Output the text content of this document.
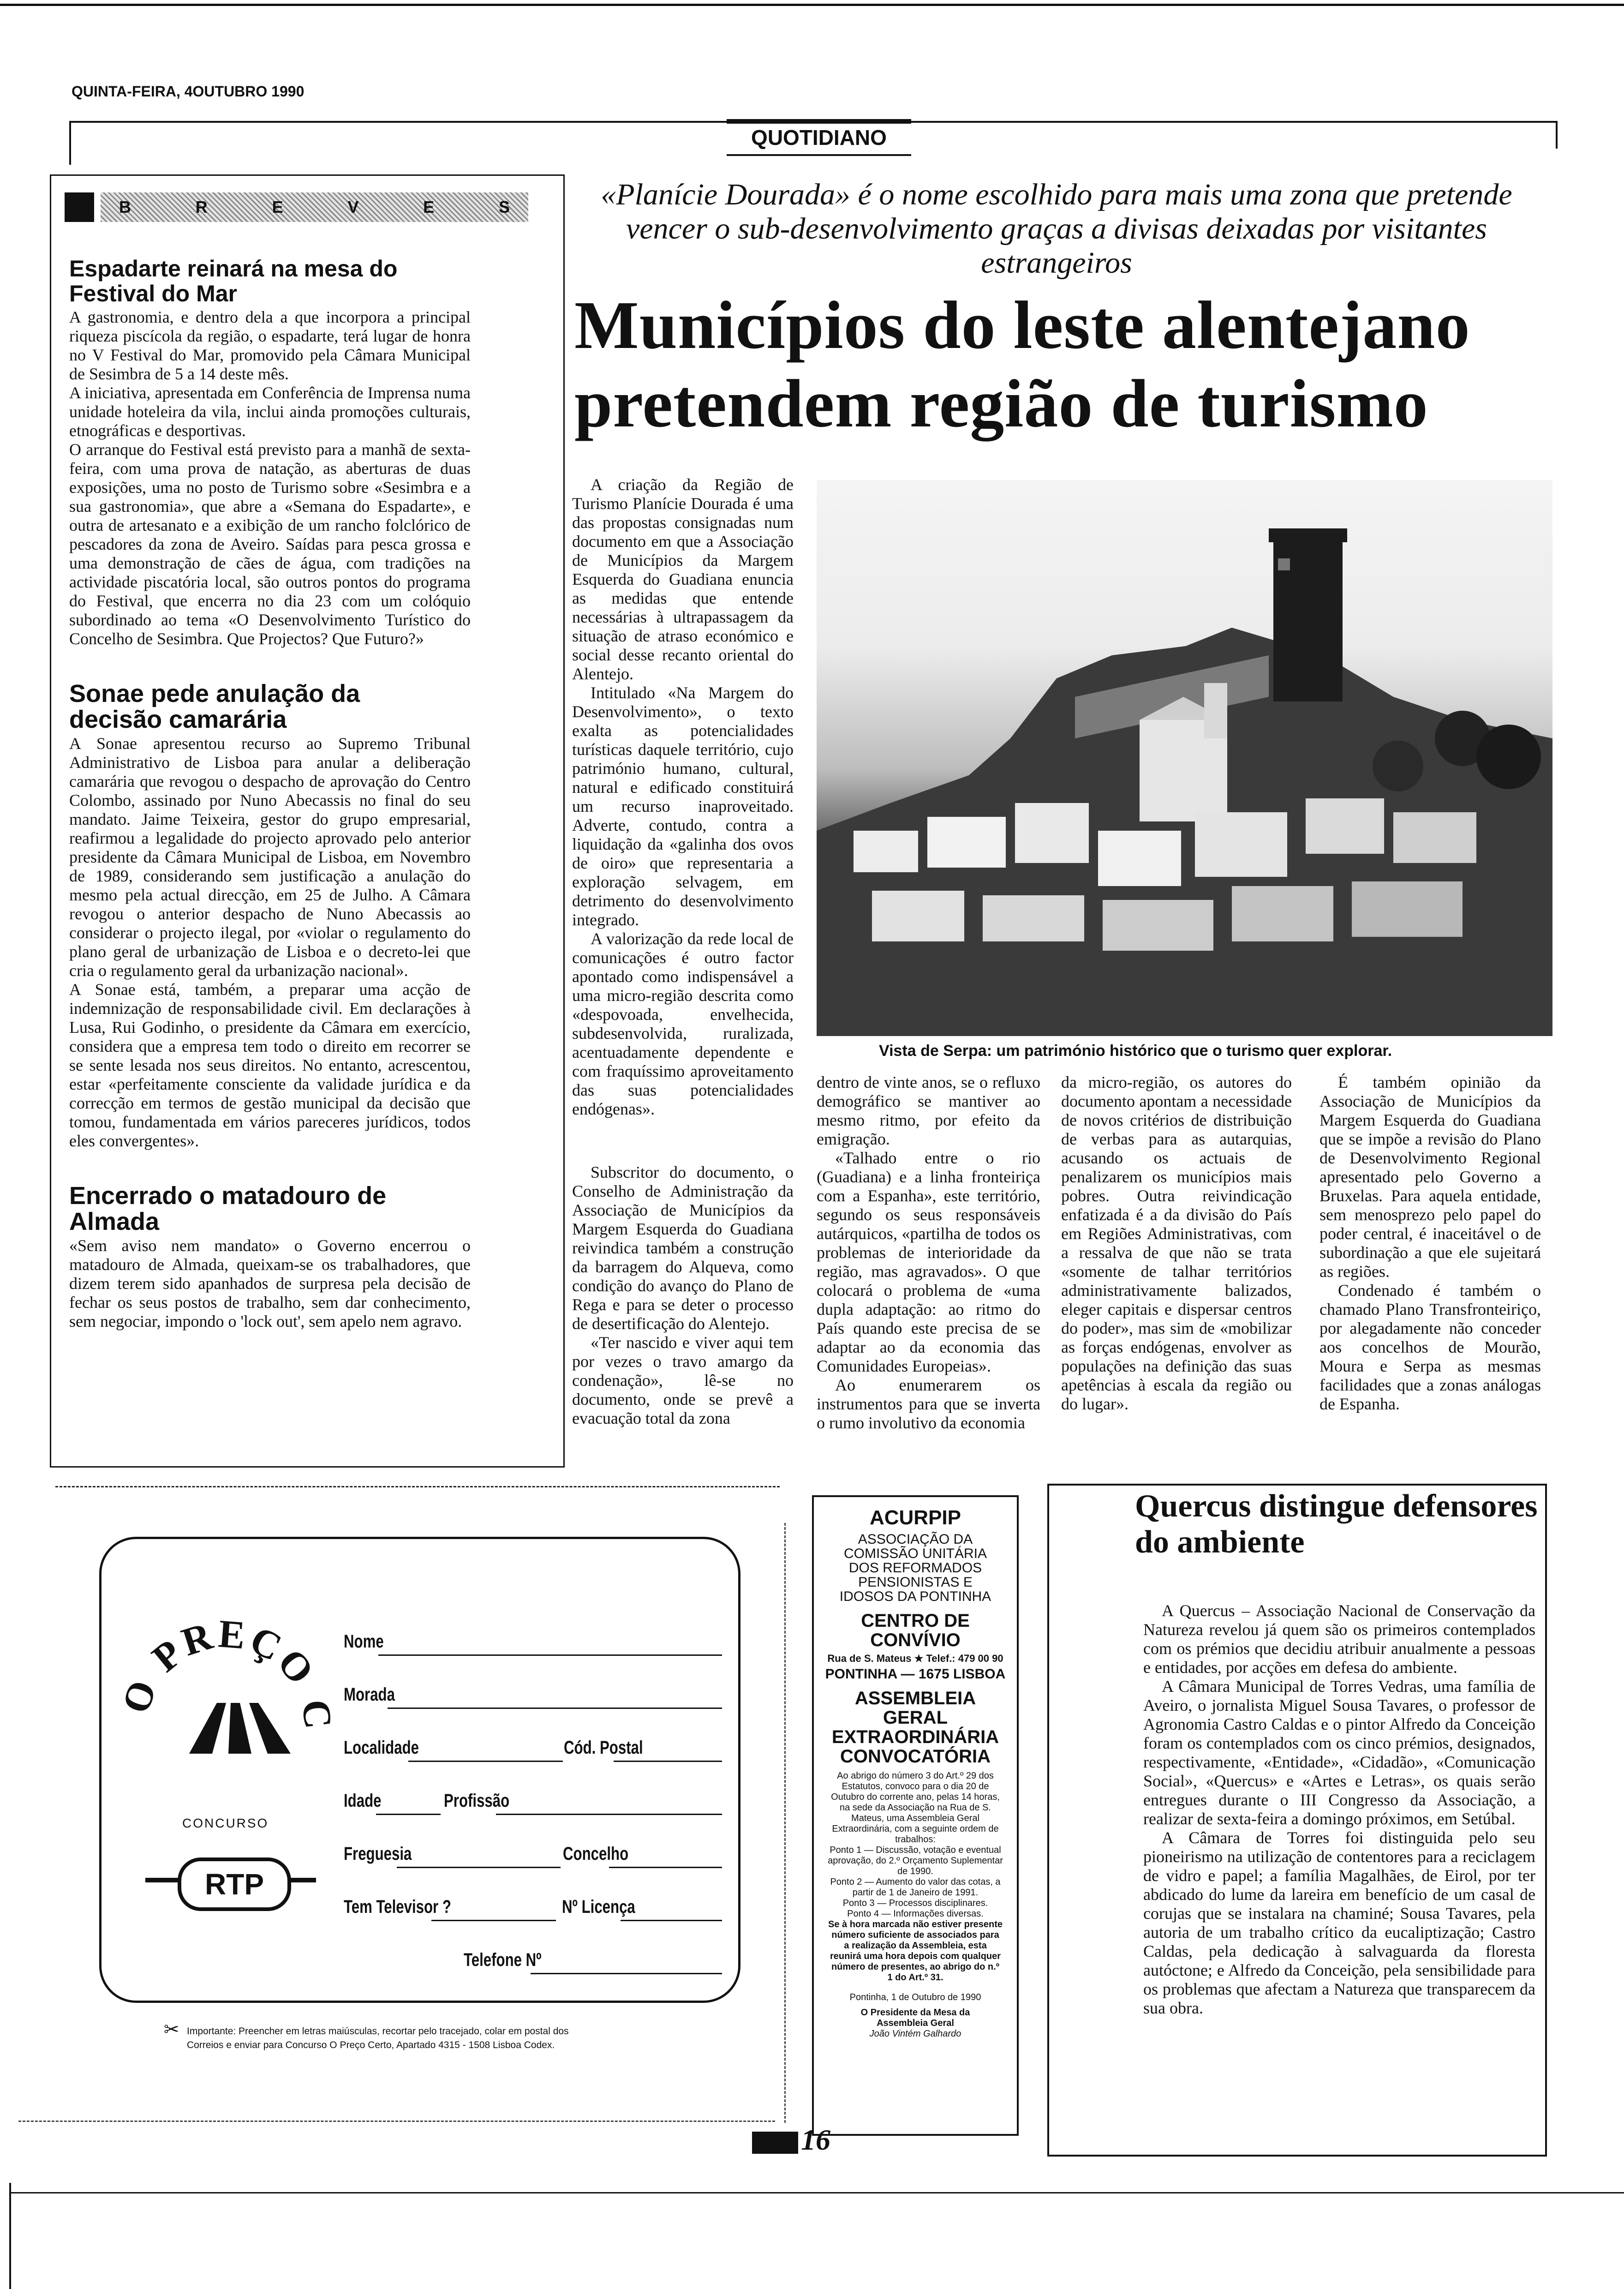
QUINTA-FEIRA, 4OUTUBRO 1990
QUOTIDIANO
B	R	E	V	E	S
Espadarte reinará na mesa do Festival do Mar

A gastronomia, e dentro dela a que incorpora a principal riqueza piscícola da região, o espadarte, terá lugar de honra no V Festival do Mar, promovido pela Câmara Municipal de Sesimbra de 5 a 14 deste mês.

A iniciativa, apresentada em Conferência de Imprensa numa unidade hoteleira da vila, inclui ainda promoções culturais, etnográficas e desportivas.

O arranque do Festival está previsto para a manhã de sexta-feira, com uma prova de natação, as aberturas de duas exposições, uma no posto de Turismo sobre «Sesimbra e a sua gastronomia», que abre a «Semana do Espadarte», e outra de artesanato e a exibição de um rancho folclórico de pescadores da zona de Aveiro. Saídas para pesca grossa e uma demonstração de cães de água, com tradições na actividade piscatória local, são outros pontos do programa do Festival, que encerra no dia 23 com um colóquio subordinado ao tema «O Desenvolvimento Turístico do Concelho de Sesimbra. Que Projectos? Que Futuro?»

Sonae pede anulação da decisão camarária

A Sonae apresentou recurso ao Supremo Tribunal Administrativo de Lisboa para anular a deliberação camarária que revogou o despacho de aprovação do Centro Colombo, assinado por Nuno Abecassis no final do seu mandato. Jaime Teixeira, gestor do grupo empresarial, reafirmou a legalidade do projecto aprovado pelo anterior presidente da Câmara Municipal de Lisboa, em Novembro de 1989, considerando sem justificação a anulação do mesmo pela actual direcção, em 25 de Julho. A Câmara revogou o anterior despacho de Nuno Abecassis ao considerar o projecto ilegal, por «violar o regulamento do plano geral de urbanização de Lisboa e o decreto-lei que cria o regulamento geral da urbanização nacional».

A Sonae está, também, a preparar uma acção de indemnização de responsabilidade civil. Em declarações à Lusa, Rui Godinho, o presidente da Câmara em exercício, considera que a empresa tem todo o direito em recorrer se se sente lesada nos seus direitos. No entanto, acrescentou, estar «perfeitamente consciente da validade jurídica e da correcção em termos de gestão municipal da decisão que tomou, fundamentada em vários pareceres jurídicos, todos eles convergentes».

Encerrado o matadouro de Almada

«Sem aviso nem mandato» o Governo encerrou o matadouro de Almada, queixam-se os trabalhadores, que dizem terem sido apanhados de surpresa pela decisão de fechar os seus postos de trabalho, sem dar conhecimento, sem negociar, impondo o 'lock out', sem apelo nem agravo.

«Planície Dourada» é o nome escolhido para mais uma zona que pretende vencer o sub-desenvolvimento graças a divisas deixadas por visitantes estrangeiros
Municípios do leste alentejano
pretendem região de turismo

A criação da Região de Turismo Planície Dourada é uma das propostas consignadas num documento em que a Associação de Municípios da Margem Esquerda do Guadiana enuncia as medidas que entende necessárias à ultrapassagem da situação de atraso económico e social desse recanto oriental do Alentejo.

Intitulado «Na Margem do Desenvolvimento», o texto exalta as potencialidades turísticas daquele território, cujo património humano, cultural, natural e edificado constituirá um recurso inaproveitado. Adverte, contudo, contra a liquidação da «galinha dos ovos de oiro» que representaria a exploração selvagem, em detrimento do desenvolvimento integrado.

A valorização da rede local de comunicações é outro factor apontado como indispensável a uma micro-região descrita como «despovoada, envelhecida, subdesenvolvida, ruralizada, acentuadamente dependente e com fraquíssimo aproveitamento das suas potencialidades endógenas».

Subscritor do documento, o Conselho de Administração da Associação de Municípios da Margem Esquerda do Guadiana reivindica também a construção da barragem do Alqueva, como condição do avanço do Plano de Rega e para se deter o processo de desertificação do Alentejo.

«Ter nascido e viver aqui tem por vezes o travo amargo da condenação», lê-se no documento, onde se prevê a evacuação total da zona

Vista de Serpa: um património histórico que o turismo quer explorar.

dentro de vinte anos, se o refluxo demográfico se mantiver ao mesmo ritmo, por efeito da emigração.

«Talhado entre o rio (Guadiana) e a linha fronteiriça com a Espanha», este território, segundo os seus responsáveis autárquicos, «partilha de todos os problemas de interioridade da região, mas agravados». O que colocará o problema de «uma dupla adaptação: ao ritmo do País quando este precisa de se adaptar ao da economia das Comunidades Europeias».

Ao enumerarem os instrumentos para que se inverta o rumo involutivo da economia

da micro-região, os autores do documento apontam a necessidade de novos critérios de distribuição de verbas para as autarquias, acusando os actuais de penalizarem os municípios mais pobres. Outra reivindicação enfatizada é a da divisão do País em Regiões Administrativas, com a ressalva de que não se trata «somente de talhar territórios administrativamente balizados, eleger capitais e dispersar centros do poder», mas sim de «mobilizar as forças endógenas, envolver as populações na definição das suas apetências à escala da região ou do lugar».

É também opinião da Associação de Municípios da Margem Esquerda do Guadiana que se impõe a revisão do Plano de Desenvolvimento Regional apresentado pelo Governo a Bruxelas. Para aquela entidade, sem menosprezo pelo papel do poder central, é inaceitável o de subordinação a que ele sujeitará as regiões.

Condenado é também o chamado Plano Transfronteiriço, por alegadamente não conceder aos concelhos de Mourão, Moura e Serpa as mesmas facilidades que a zonas análogas de Espanha.

PREÇO
CONCURSO
RTP
Nome
Morada
Localidade	Cód. Postal
Idade	Profissão
Freguesia	Concelho
Tem Televisor ?	Nº Licença
Telefone Nº
✂ Importante: Preencher em letras maiúsculas, recortar pelo tracejado, colar em postal dos
Correios e enviar para Concurso O Preço Certo, Apartado 4315 - 1508 Lisboa Codex.
ACURPIP
ASSOCIAÇÃO DA COMISSÃO UNITÁRIA DOS REFORMADOS PENSIONISTAS E IDOSOS DA PONTINHA
CENTRO DE CONVÍVIO
Rua de S. Mateus ★ Telef.: 479 00 90
PONTINHA — 1675 LISBOA
ASSEMBLEIA GERAL EXTRAORDINÁRIA CONVOCATÓRIA
Ao abrigo do número 3 do Art.º 29 dos Estatutos, convoco para o dia 20 de Outubro do corrente ano, pelas 14 horas, na sede da Associação na Rua de S. Mateus, uma Assembleia Geral Extraordinária, com a seguinte ordem de trabalhos:
Ponto 1 — Discussão, votação e eventual aprovação, do 2.º Orçamento Suplementar de 1990.
Ponto 2 — Aumento do valor das cotas, a partir de 1 de Janeiro de 1991.
Ponto 3 — Processos disciplinares.
Ponto 4 — Informações diversas.
Se à hora marcada não estiver presente número suficiente de associados para a realização da Assembleia, esta reunirá uma hora depois com qualquer número de presentes, ao abrigo do n.º 1 do Art.º 31.
Pontinha, 1 de Outubro de 1990
O Presidente da Mesa da Assembleia Geral
João Vintém Galhardo
Quercus distingue defensores do ambiente

A Quercus – Associação Nacional de Conservação da Natureza revelou já quem são os primeiros contemplados com os prémios que decidiu atribuir anualmente a pessoas e entidades, por acções em defesa do ambiente.

A Câmara Municipal de Torres Vedras, uma família de Aveiro, o jornalista Miguel Sousa Tavares, o professor de Agronomia Castro Caldas e o pintor Alfredo da Conceição foram os contemplados com os cinco prémios, designados, respectivamente, «Entidade», «Cidadão», «Comunicação Social», «Quercus» e «Artes e Letras», os quais serão entregues durante o III Congresso da Associação, a realizar de sexta-feira a domingo próximos, em Setúbal.

A Câmara de Torres foi distinguida pelo seu pioneirismo na utilização de contentores para a reciclagem de vidro e papel; a família Magalhães, de Eirol, por ter abdicado do lume da lareira em benefício de um casal de corujas que se instalara na chaminé; Sousa Tavares, pela autoria de um trabalho crítico da eucaliptização; Castro Caldas, pela dedicação à salvaguarda da floresta autóctone; e Alfredo da Conceição, pela sensibilidade para os problemas que afectam a Natureza que transparecem da sua obra.

16
